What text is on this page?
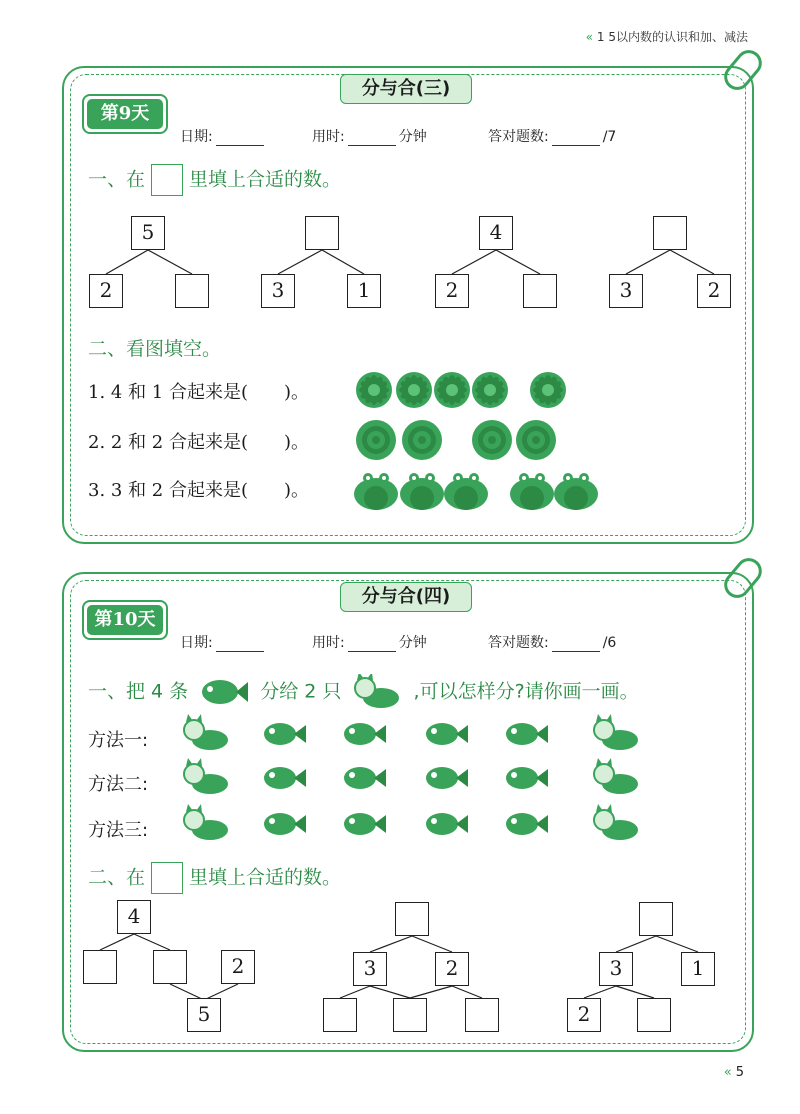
« 1 5以内数的认识和加、减法
分与合(三)
第9天
日期:	用时:	分钟	答对题数:	/7
一、在 里填上合适的数。
5
2	3	1
4
2	3	2
二、看图填空。
1. 4 和 1 合起来是(　　)。
2. 2 和 2 合起来是(　　)。
3. 3 和 2 合起来是(　　)。
分与合(四)
第10天
日期:	用时:	分钟	答对题数:	/6
一、把 4 条	分给 2 只	,可以怎样分?请你画一画。
方法一:
方法二:
方法三:
二、在 里填上合适的数。
4
2
5
3	2	3	1
2
« 5
